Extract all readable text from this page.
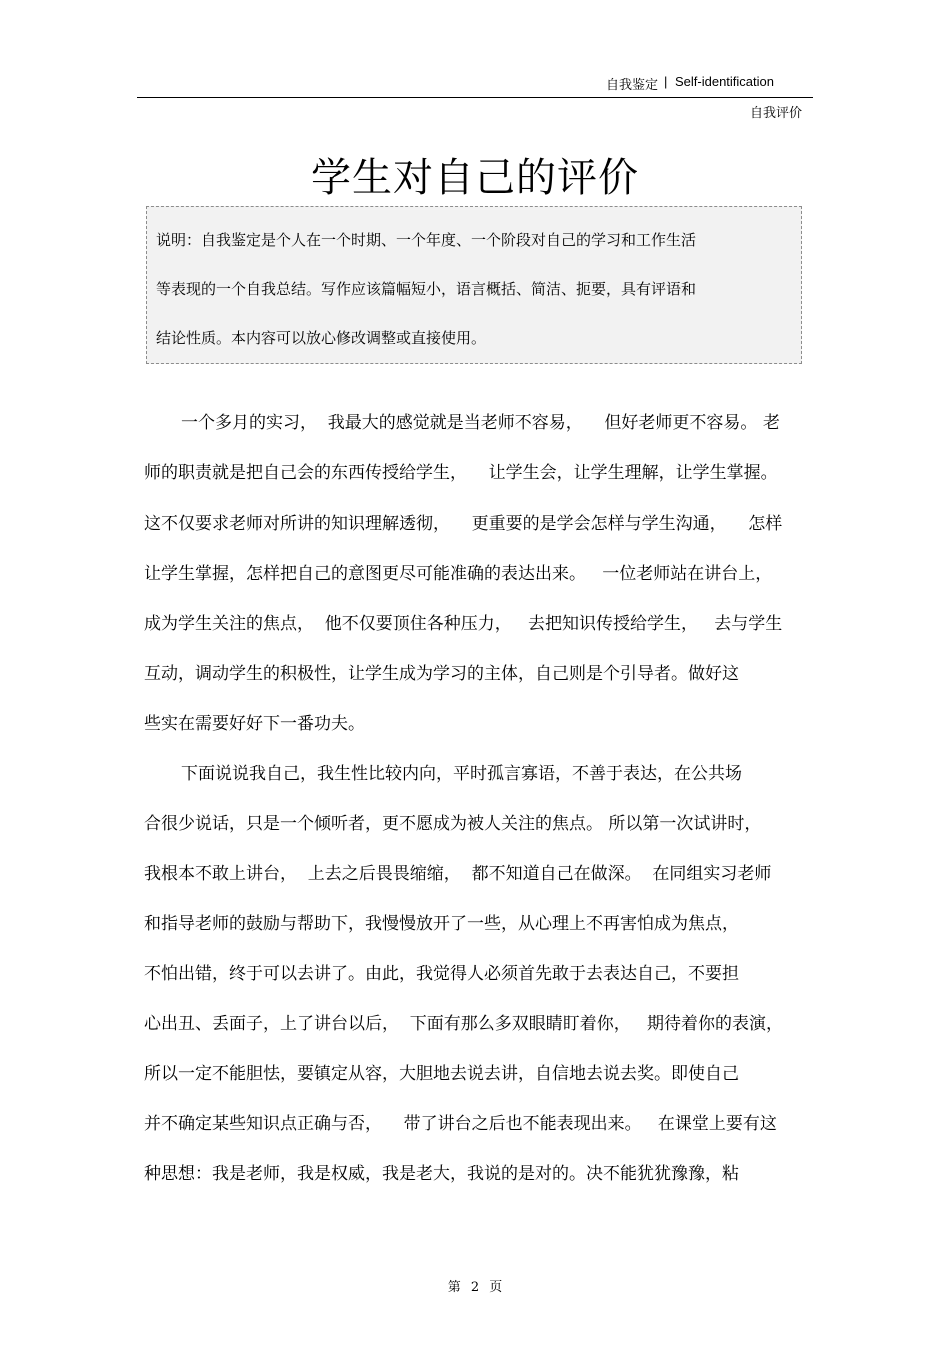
自我鉴定 | Self-identification
自我评价
学生对自己的评价
说明：自我鉴定是个人在一个时期、一个年度、一个阶段对自己的学习和工作生活
等表现的一个自我总结。写作应该篇幅短小，语言概括、简洁、扼要，具有评语和
结论性质。本内容可以放心修改调整或直接使用。
一个多月的实习，  我最大的感觉就是当老师不容易，    但好老师更不容易。 老
师的职责就是把自己会的东西传授给学生，    让学生会，让学生理解，让学生掌握。
这不仅要求老师对所讲的知识理解透彻，    更重要的是学会怎样与学生沟通，    怎样
让学生掌握，怎样把自己的意图更尽可能准确的表达出来。   一位老师站在讲台上，
成为学生关注的焦点，  他不仅要顶住各种压力，   去把知识传授给学生，   去与学生
互动，调动学生的积极性，让学生成为学习的主体，自己则是个引导者。做好这
些实在需要好好下一番功夫。
下面说说我自己，我生性比较内向，平时孤言寡语，不善于表达，在公共场
合很少说话，只是一个倾听者，更不愿成为被人关注的焦点。 所以第一次试讲时，
我根本不敢上讲台，  上去之后畏畏缩缩，  都不知道自己在做深。  在同组实习老师
和指导老师的鼓励与帮助下，我慢慢放开了一些，从心理上不再害怕成为焦点，
不怕出错，终于可以去讲了。由此，我觉得人必须首先敢于去表达自己，不要担
心出丑、丢面子，上了讲台以后，  下面有那么多双眼睛盯着你，   期待着你的表演，
所以一定不能胆怯，要镇定从容，大胆地去说去讲，自信地去说去奖。即使自己
并不确定某些知识点正确与否，    带了讲台之后也不能表现出来。   在课堂上要有这
种思想：我是老师，我是权威，我是老大，我说的是对的。决不能犹犹豫豫，粘
第 2 页
